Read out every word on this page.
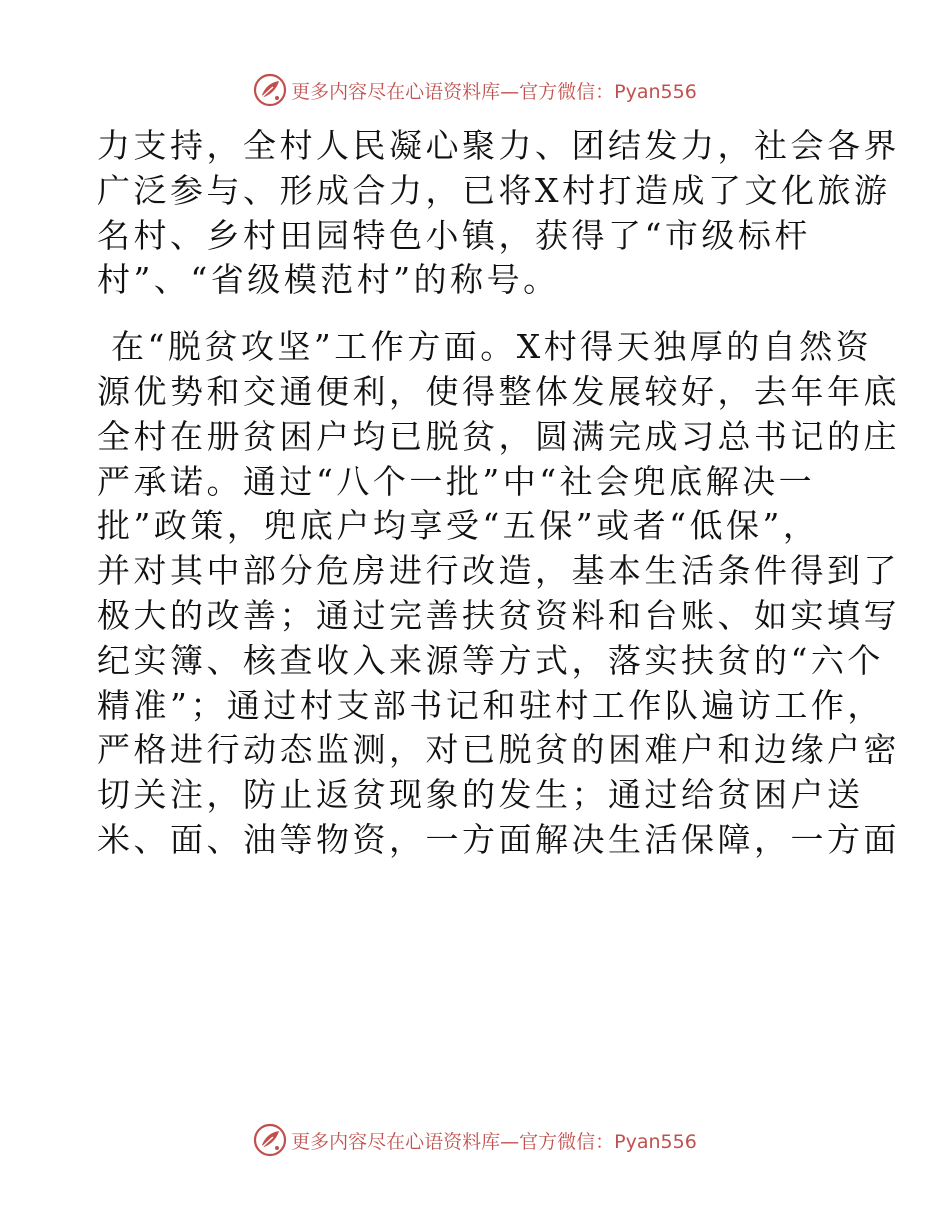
更多内容尽在心语资料库—官方微信：Pyan556
力支持，全村人民凝心聚力、团结发力，社会各界
广泛参与、形成合力，已将X村打造成了文化旅游
名村、乡村田园特色小镇，获得了“市级标杆
村”、“省级模范村”的称号。
在“脱贫攻坚”工作方面。X村得天独厚的自然资
源优势和交通便利，使得整体发展较好，去年年底
全村在册贫困户均已脱贫，圆满完成习总书记的庄
严承诺。通过“八个一批”中“社会兜底解决一
批”政策，兜底户均享受“五保”或者“低保”，
并对其中部分危房进行改造，基本生活条件得到了
极大的改善；通过完善扶贫资料和台账、如实填写
纪实簿、核查收入来源等方式，落实扶贫的“六个
精准”；通过村支部书记和驻村工作队遍访工作，
严格进行动态监测，对已脱贫的困难户和边缘户密
切关注，防止返贫现象的发生；通过给贫困户送
米、面、油等物资，一方面解决生活保障，一方面
更多内容尽在心语资料库—官方微信：Pyan556
